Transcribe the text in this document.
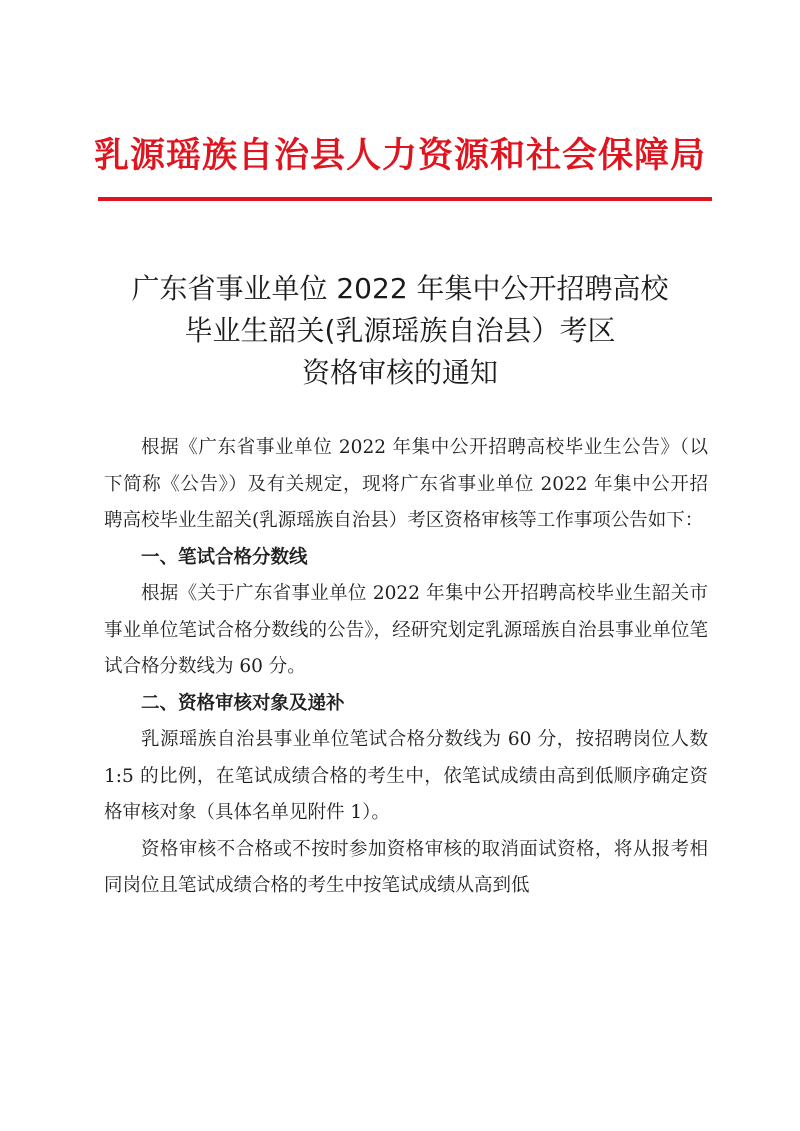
乳源瑶族自治县人力资源和社会保障局
广东省事业单位 2022 年集中公开招聘高校
毕业生韶关(乳源瑶族自治县）考区
资格审核的通知

根据《广东省事业单位 2022 年集中公开招聘高校毕业生公告》（以下简称《公告》）及有关规定，现将广东省事业单位 2022 年集中公开招聘高校毕业生韶关(乳源瑶族自治县）考区资格审核等工作事项公告如下：

一、笔试合格分数线

根据《关于广东省事业单位 2022 年集中公开招聘高校毕业生韶关市事业单位笔试合格分数线的公告》，经研究划定乳源瑶族自治县事业单位笔试合格分数线为 60 分。

二、资格审核对象及递补

乳源瑶族自治县事业单位笔试合格分数线为 60 分，按招聘岗位人数 1:5 的比例，在笔试成绩合格的考生中，依笔试成绩由高到低顺序确定资格审核对象（具体名单见附件 1）。

资格审核不合格或不按时参加资格审核的取消面试资格，将从报考相同岗位且笔试成绩合格的考生中按笔试成绩从高到低
